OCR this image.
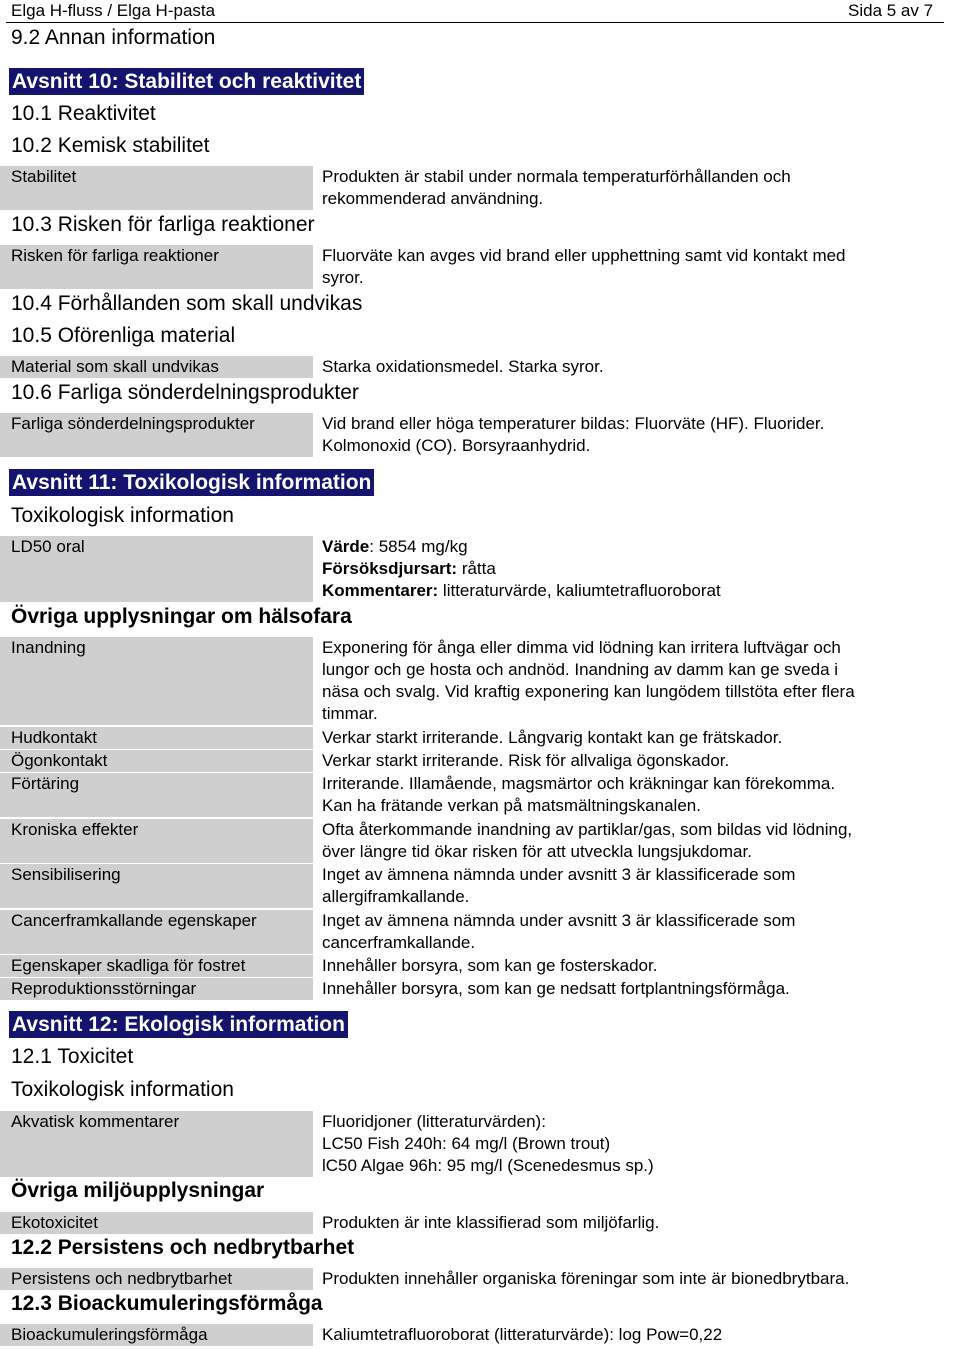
Elga H-fluss / Elga H-pasta	Sida 5 av 7
9.2 Annan information
Avsnitt 10: Stabilitet och reaktivitet
10.1 Reaktivitet
10.2 Kemisk stabilitet
Stabilitet	Produkten är stabil under normala temperaturförhållanden och
rekommenderad användning.
10.3 Risken för farliga reaktioner
Risken för farliga reaktioner	Fluorväte kan avges vid brand eller upphettning samt vid kontakt med
syror.
10.4 Förhållanden som skall undvikas
10.5 Oförenliga material
Material som skall undvikas	Starka oxidationsmedel. Starka syror.
10.6 Farliga sönderdelningsprodukter
Farliga sönderdelningsprodukter	Vid brand eller höga temperaturer bildas: Fluorväte (HF). Fluorider.
Kolmonoxid (CO). Borsyraanhydrid.
Avsnitt 11: Toxikologisk information
Toxikologisk information
LD50 oral	Värde: 5854 mg/kg
Försöksdjursart: råtta
Kommentarer: litteraturvärde, kaliumtetrafluoroborat
Övriga upplysningar om hälsofara
Inandning	Exponering för ånga eller dimma vid lödning kan irritera luftvägar och
lungor och ge hosta och andnöd. Inandning av damm kan ge sveda i
näsa och svalg. Vid kraftig exponering kan lungödem tillstöta efter flera
timmar.
Hudkontakt	Verkar starkt irriterande. Långvarig kontakt kan ge frätskador.
Ögonkontakt	Verkar starkt irriterande. Risk för allvaliga ögonskador.
Förtäring	Irriterande. Illamående, magsmärtor och kräkningar kan förekomma.
Kan ha frätande verkan på matsmältningskanalen.
Kroniska effekter	Ofta återkommande inandning av partiklar/gas, som bildas vid lödning,
över längre tid ökar risken för att utveckla lungsjukdomar.
Sensibilisering	Inget av ämnena nämnda under avsnitt 3 är klassificerade som
allergiframkallande.
Cancerframkallande egenskaper	Inget av ämnena nämnda under avsnitt 3 är klassificerade som
cancerframkallande.
Egenskaper skadliga för fostret	Innehåller borsyra, som kan ge fosterskador.
Reproduktionsstörningar	Innehåller borsyra, som kan ge nedsatt fortplantningsförmåga.
Avsnitt 12: Ekologisk information
12.1 Toxicitet
Toxikologisk information
Akvatisk kommentarer	Fluoridjoner (litteraturvärden):
LC50 Fish 240h: 64 mg/l (Brown trout)
lC50 Algae 96h: 95 mg/l (Scenedesmus sp.)
Övriga miljöupplysningar
Ekotoxicitet	Produkten är inte klassifierad som miljöfarlig.
12.2 Persistens och nedbrytbarhet
Persistens och nedbrytbarhet	Produkten innehåller organiska föreningar som inte är bionedbrytbara.
12.3 Bioackumuleringsförmåga
Bioackumuleringsförmåga	Kaliumtetrafluoroborat (litteraturvärde): log Pow=0,22
